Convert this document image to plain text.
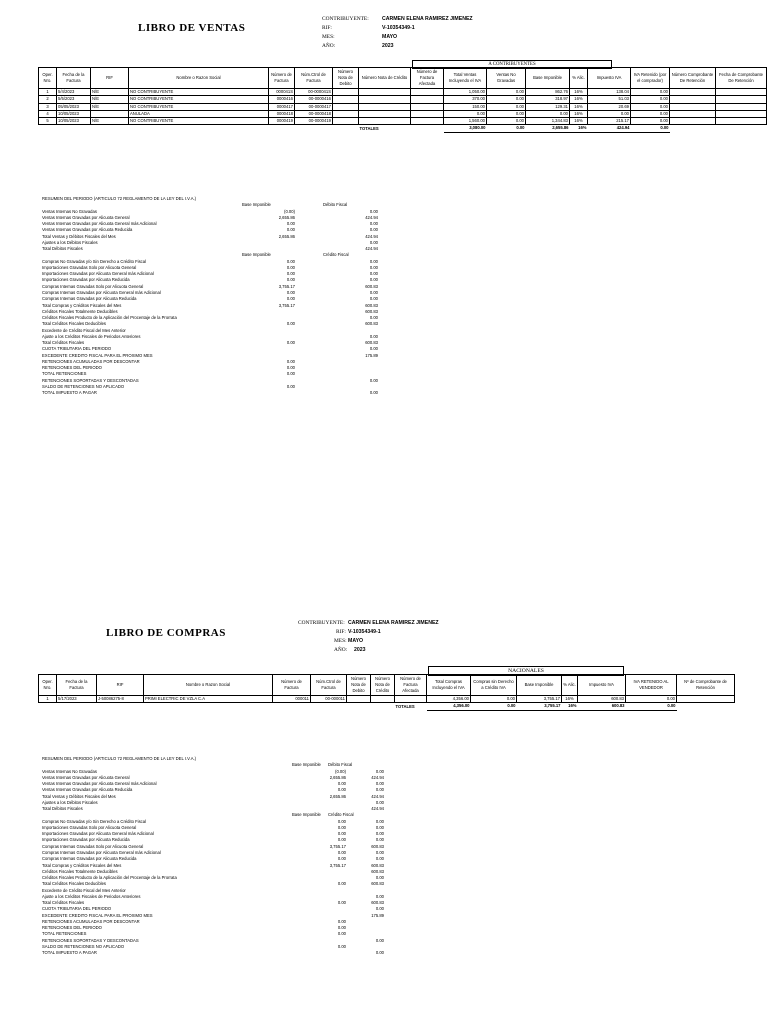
LIBRO DE VENTAS
CONTRIBUYENTE:	CARMEN ELENA RAMIREZ JIMENEZ
RIF:	V-10354349-1
MES:	MAYO
AÑO:	2023
A CONTRIBUYENTES
Oper. Nro.	Fecha de la Factura	RIF	Nombre o Razon Social	Número de Factura	Núm.Ctrol de Factura	Número Nota de Debito	Número Nota de Crédito	Número de Factura Afectada	Total Ventas Incluyendo el IVA	Ventas No Gravadas	Base Imponible	% Alic.	Impuesto IVA	IVA Retenido (por el comprador)	Número Comprobante De Retención	Fecha de Comprobante De Retención
1	5/4/2023	N/E	NO CONTRIBUYENTE	000041S	00-000041S				1,050.00	0.00	862.76	16%	138.04	0.00		
2	5/5/2023	N/E	NO CONTRIBUYENTE	0000416	00-0000416				370.00	0.00	318.97	16%	51.03	0.00		
3	05/05/2023	N/E	NO CONTRIBUYENTE	0000417	00-0000417				150.00	0.00	129.31	16%	20.69	0.00		
4	10/05/2023		ANULADA	0000418	00-0000418				0.00	0.00	0.00	16%	0.00	0.00		
5	10/05/2023	N/E	NO CONTRIBUYENTE	0000419	00-0000419				1,560.00	0.00	1,344.83	16%	215.17	0.00		
							TOTALES		3,080.00	0.00	2,655.86	16%	424.94	0.00		
RESUMEN DEL PERIODO (ARTICULO 72 REGLAMENTO DE LA LEY DEL I.V.A.)
Base Imponible	Débito Fiscal
Ventas Internas No Gravadas	(0.00)	0.00
Ventas Internas Gravadas por Alicuota General	2,655.86	424.94
Ventas Internas Gravadas por Alicuota General más Adicional	0.00	0.00
Ventas Internas Gravadas por Alicuota Reducida	0.00	0.00
Total Ventas y Débitos Fiscales del Mes	2,655.86	424.94
Ajustes a los Débitos Fiscales	0.00
Total Débitos Fiscales	424.94
Base Imponible	Crédito Fiscal
Compras No Gravadas y/o Sin Derecho a Crédito Fiscal	0.00	0.00
Importaciones Gravadas Solo por Alicuota General	0.00	0.00
Importaciones Gravadas por Alicuota General más Adicional	0.00	0.00
Importaciones Gravadas por Alicuota Reducida	0.00	0.00
Compras Internas Gravadas Solo por Alicuota General	3,755.17	600.83
Compras Internas Gravadas por Alicuota General más Adicional	0.00	0.00
Compras Internas Gravadas por Alicuota Reducida	0.00	0.00
Total Compras y Créditos Fiscales del Mes	3,755.17	600.83
Créditos Fiscales Totalmente Deducibles	600.83
Créditos Fiscales Producto de la Aplicación del Procentaje de la Prorrata	0.00
Total Créditos Fiscales Deducibles	0.00	600.83
Excedente de Crédito Fiscal del Mes Anterior
Ajuste a los Créditos Fiscales de Periodos Anteriores	0.00
Total Créditos Fiscales	0.00	600.83
CUOTA TRIBUTARIA DEL PERIODO	0.00
EXCEDENTE CREDITO FISCAL PARA EL PROXIMO MES	175.89
RETENCIONES ACUMULADAS POR DESCONTAR	0.00
RETENCIONES DEL PERIODO	0.00
TOTAL RETENCIONES	0.00
RETENCIONES SOPORTADAS Y DESCONTADAS	0.00
SALDO DE RETENCIONES NO APLICADO	0.00
TOTAL IMPUESTO A PAGAR	0.00
LIBRO DE COMPRAS
CONTRIBUYENTE: CARMEN ELENA RAMIREZ JIMENEZ
RIF: V-10354349-1
MES: MAYO
AÑO: 2023
NACIONALES
Oper. Nro.	Fecha de la Factura	RIF	Nombre o Razon Social	Número de Factura	Núm.Ctrol de Factura	Número Nota de Debito	Número Nota de Crédito	Número de Factura Afectada	Total Compras Incluyendo el IVA	Compras sin Derecho a Crédito IVA	Base Imponible	% Alic.	Impuesto IVA	IVA RETENIDO AL VENDEDOR	Nº de Comprobante de Retención
1	5/17/2023	J-50086275-8	PRIMI ELECTRIC DE VZLA C.A	000011	00-000011				4,356.00	0.00	3,755.17	16%	600.83	0.00	
								TOTALES	4,356.00	0.00	3,755.17	16%	600.83	0.00	
RESUMEN DEL PERIODO (ARTICULO 72 REGLAMENTO DE LA LEY DEL I.V.A.)
Base Imponible Débito Fiscal
Ventas Internas No Gravadas	(0.00)	0.00
Ventas Internas Gravadas por Alicuota General	2,655.86	424.94
Ventas Internas Gravadas por Alicuota General más Adicional	0.00	0.00
Ventas Internas Gravadas por Alicuota Reducida	0.00	0.00
Total Ventas y Débitos Fiscales del Mes	2,655.86	424.94
Ajustes a los Débitos Fiscales	0.00
Total Débitos Fiscales	424.94
Base Imponible Crédito Fiscal
Compras No Gravadas y/o Sin Derecho a Crédito Fiscal	0.00	0.00
Importaciones Gravadas Solo por Alicuota General	0.00	0.00
Importaciones Gravadas por Alicuota General más Adicional	0.00	0.00
Importaciones Gravadas por Alicuota Reducida	0.00	0.00
Compras Internas Gravadas Solo por Alicuota General	3,755.17	600.83
Compras Internas Gravadas por Alicuota General más Adicional	0.00	0.00
Compras Internas Gravadas por Alicuota Reducida	0.00	0.00
Total Compras y Créditos Fiscales del Mes	3,755.17	600.83
Créditos Fiscales Totalmente Deducibles	600.83
Créditos Fiscales Producto de la Aplicación del Procentaje de la Prorrata	0.00
Total Créditos Fiscales Deducibles	0.00	600.83
Excedente de Crédito Fiscal del Mes Anterior
Ajuste a los Créditos Fiscales de Periodos Anteriores	0.00
Total Créditos Fiscales	0.00	600.83
CUOTA TRIBUTARIA DEL PERIODO	0.00
EXCEDENTE CREDITO FISCAL PARA EL PROXIMO MES	175.89
RETENCIONES ACUMULADAS POR DESCONTAR	0.00
RETENCIONES DEL PERIODO	0.00
TOTAL RETENCIONES	0.00
RETENCIONES SOPORTADAS Y DESCONTADAS	0.00
SALDO DE RETENCIONES NO APLICADO	0.00
TOTAL IMPUESTO A PAGAR	0.00
